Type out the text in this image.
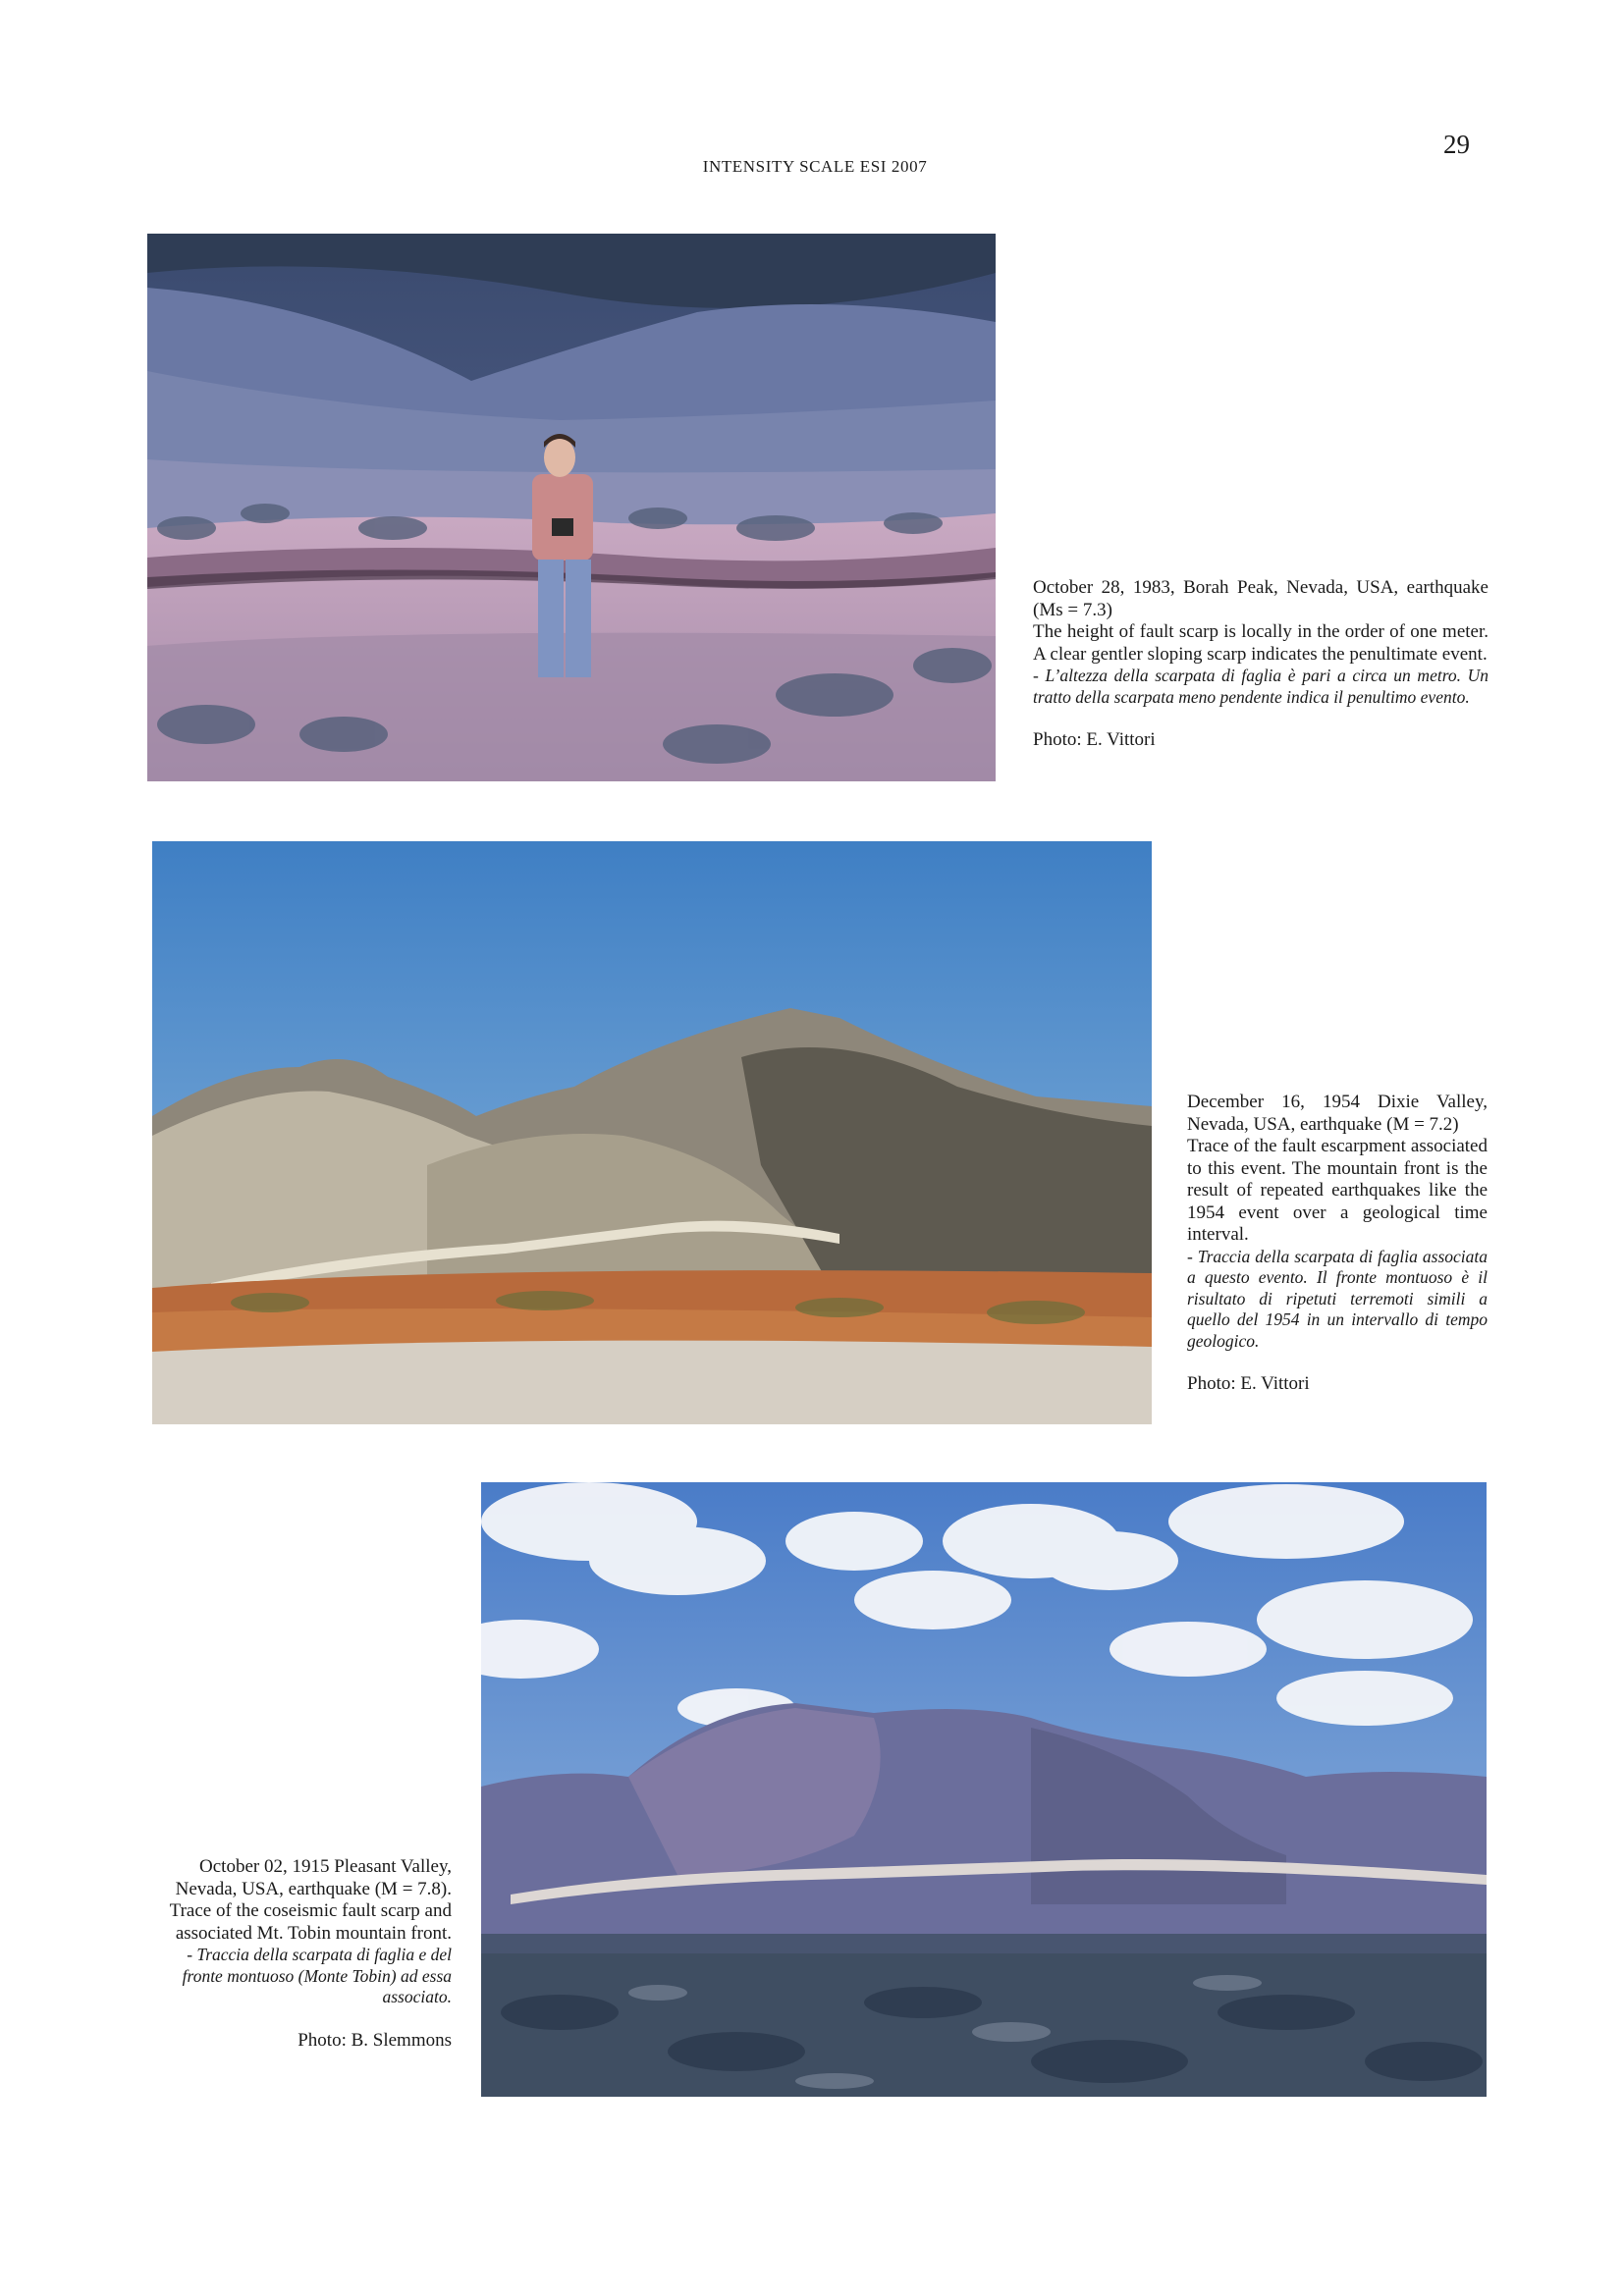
INTENSITY SCALE ESI 2007
29

October 28, 1983, Borah Peak, Nevada, USA, earthquake (Ms = 7.3)

The height of fault scarp is locally in the order of one meter. A clear gentler sloping scarp indicates the penultimate event.

- L’altezza della scarpata di faglia è pari a circa un metro. Un tratto della scarpata meno pendente indica il penultimo evento.

Photo: E. Vittori

December 16, 1954 Dixie Valley, Nevada, USA, earthquake (M = 7.2)

Trace of the fault escarpment associated to this event. The mountain front is the result of repeated earthquakes like the 1954 event over a geological time interval.

- Traccia della scarpata di faglia associata a questo evento. Il fronte montuoso è il risultato di ripetuti terremoti simili a quello del 1954 in un intervallo di tempo geologico.

Photo: E. Vittori

October 02, 1915 Pleasant Valley, Nevada, USA, earthquake (M = 7.8).

Trace of the coseismic fault scarp and associated Mt. Tobin mountain front.

- Traccia della scarpata di faglia e del fronte montuoso (Monte Tobin) ad essa associato.

Photo: B. Slemmons
